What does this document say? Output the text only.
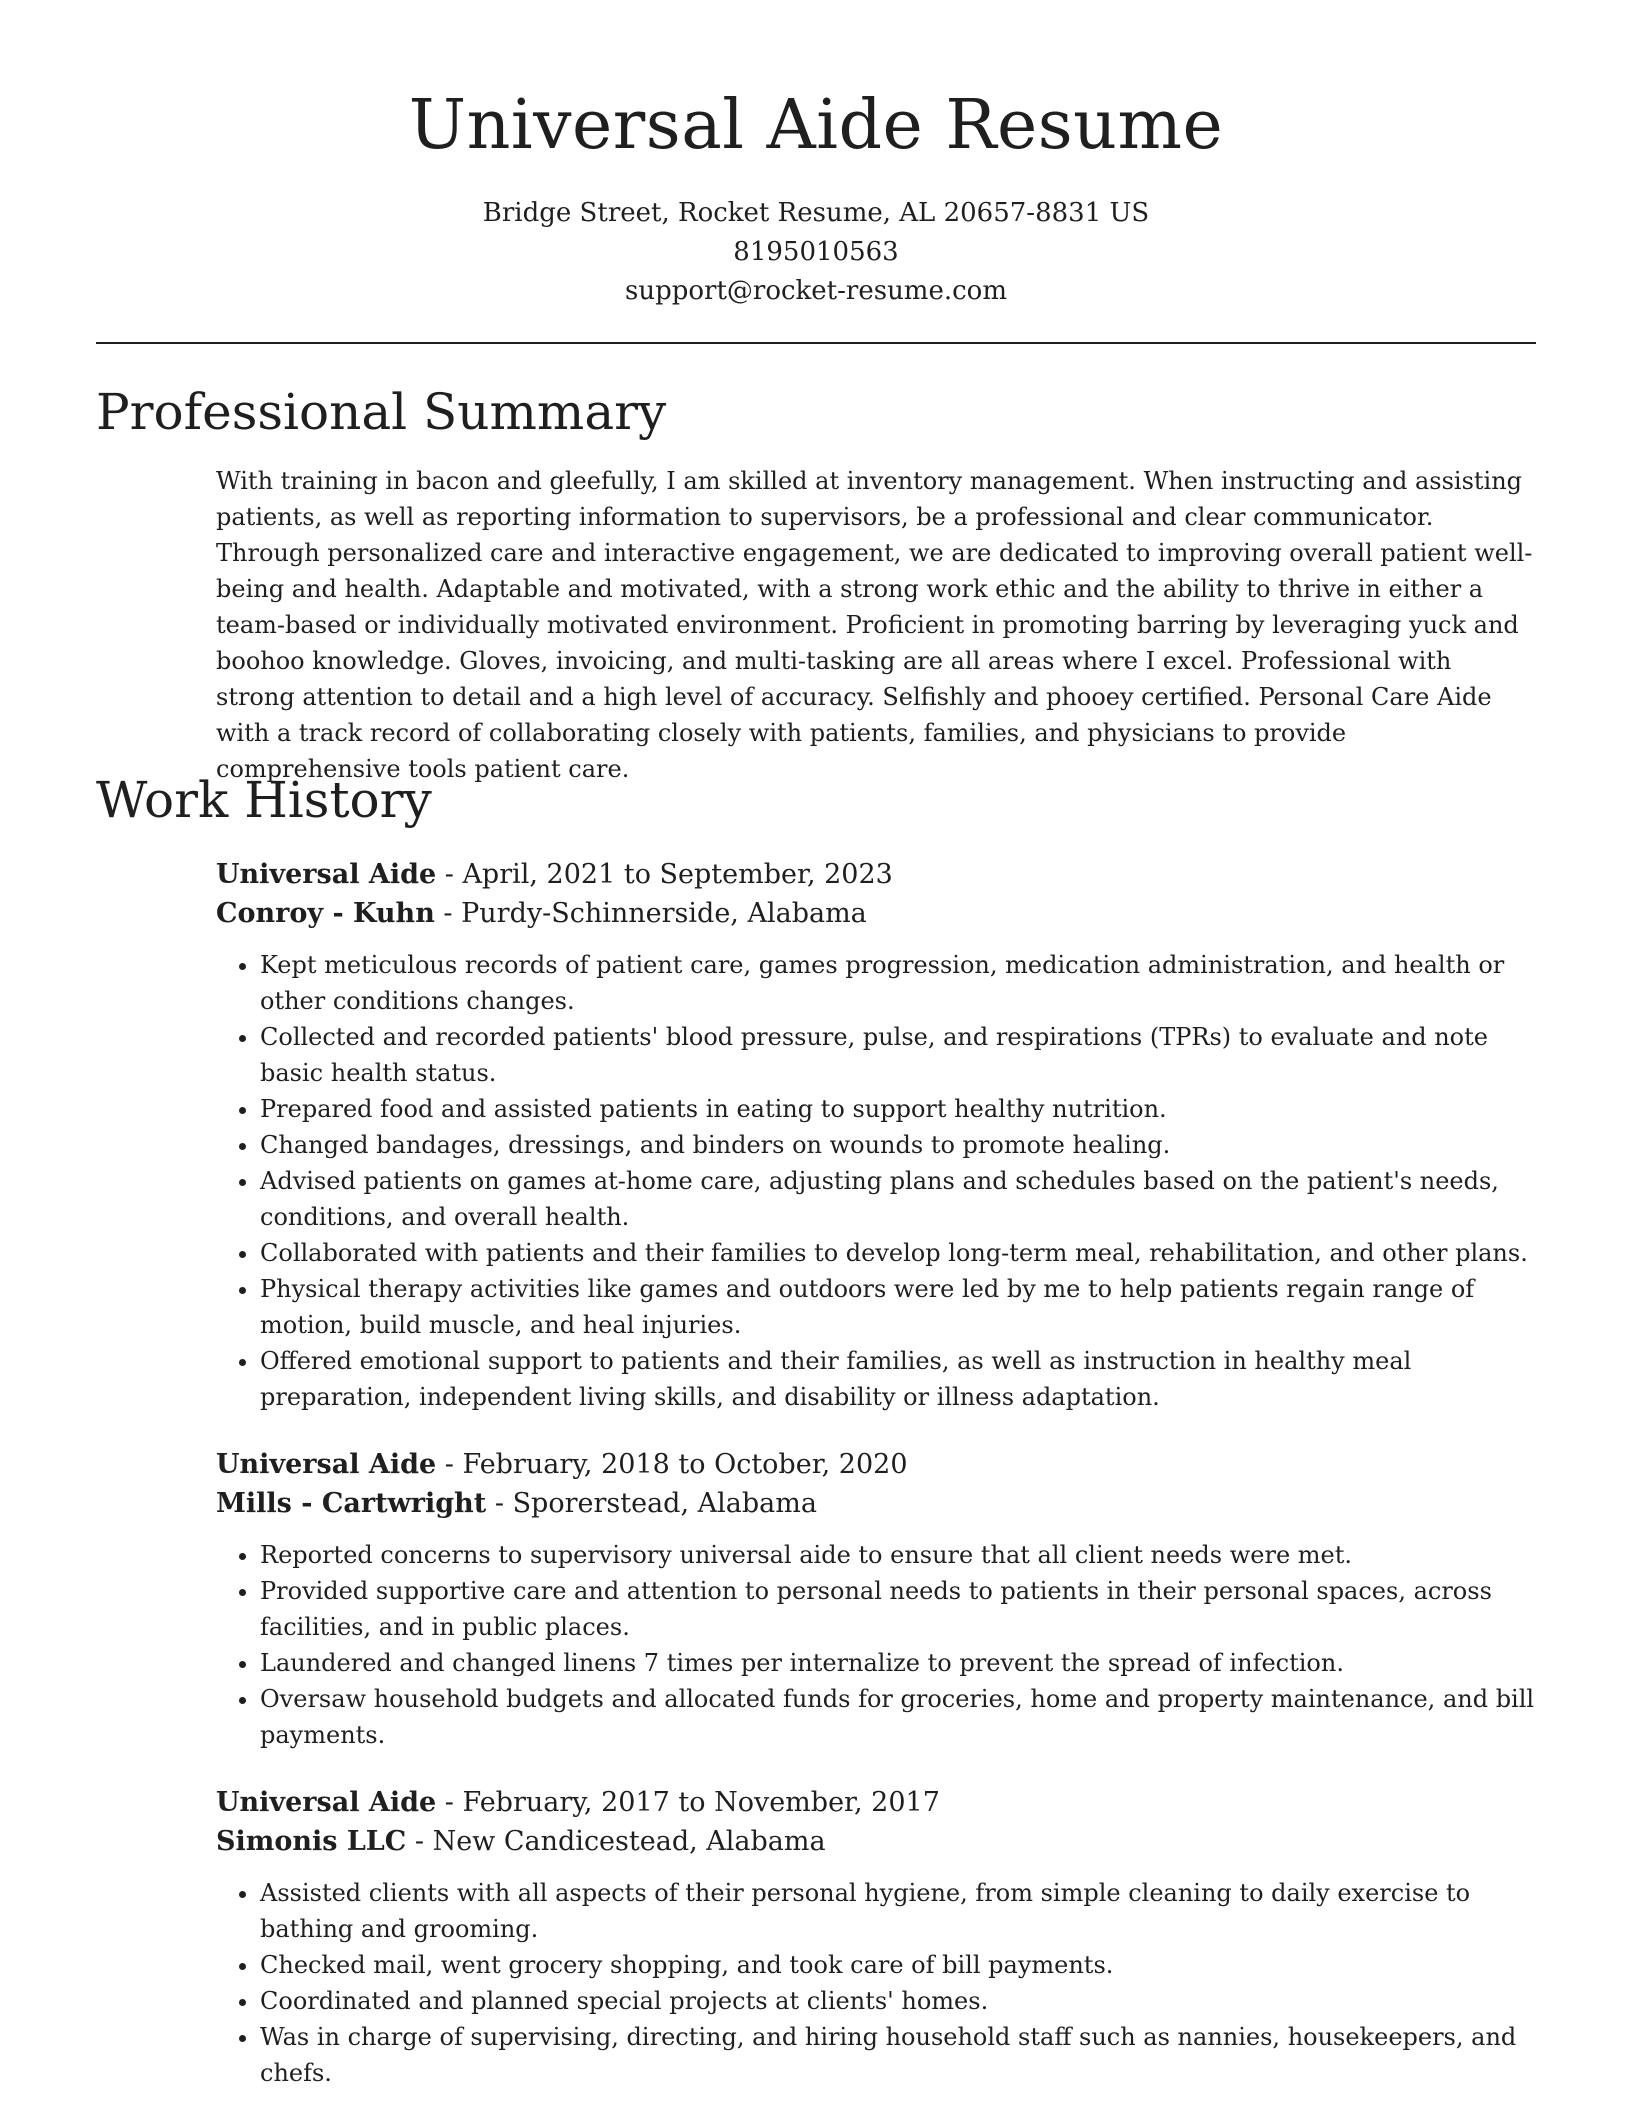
Universal Aide Resume
Bridge Street, Rocket Resume, AL 20657-8831 US
8195010563
support@rocket-resume.com
Professional Summary

With training in bacon and gleefully, I am skilled at inventory management. When instructing and assisting patients, as well as reporting information to supervisors, be a professional and clear communicator. Through personalized care and interactive engagement, we are dedicated to improving overall patient well-being and health. Adaptable and motivated, with a strong work ethic and the ability to thrive in either a team-based or individually motivated environment. Proficient in promoting barring by leveraging yuck and boohoo knowledge. Gloves, invoicing, and multi-tasking are all areas where I excel. Professional with strong attention to detail and a high level of accuracy. Selfishly and phooey certified. Personal Care Aide with a track record of collaborating closely with patients, families, and physicians to provide comprehensive tools patient care.

Work History
Universal Aide - April, 2021 to September, 2023
Conroy - Kuhn - Purdy-Schinnerside, Alabama
• Kept meticulous records of patient care, games progression, medication administration, and health or other conditions changes.
• Collected and recorded patients' blood pressure, pulse, and respirations (TPRs) to evaluate and note basic health status.
• Prepared food and assisted patients in eating to support healthy nutrition.
• Changed bandages, dressings, and binders on wounds to promote healing.
• Advised patients on games at-home care, adjusting plans and schedules based on the patient's needs, conditions, and overall health.
• Collaborated with patients and their families to develop long-term meal, rehabilitation, and other plans.
• Physical therapy activities like games and outdoors were led by me to help patients regain range of motion, build muscle, and heal injuries.
• Offered emotional support to patients and their families, as well as instruction in healthy meal preparation, independent living skills, and disability or illness adaptation.
Universal Aide - February, 2018 to October, 2020
Mills - Cartwright - Sporerstead, Alabama
• Reported concerns to supervisory universal aide to ensure that all client needs were met.
• Provided supportive care and attention to personal needs to patients in their personal spaces, across facilities, and in public places.
• Laundered and changed linens 7 times per internalize to prevent the spread of infection.
• Oversaw household budgets and allocated funds for groceries, home and property maintenance, and bill payments.
Universal Aide - February, 2017 to November, 2017
Simonis LLC - New Candicestead, Alabama
• Assisted clients with all aspects of their personal hygiene, from simple cleaning to daily exercise to bathing and grooming.
• Checked mail, went grocery shopping, and took care of bill payments.
• Coordinated and planned special projects at clients' homes.
• Was in charge of supervising, directing, and hiring household staff such as nannies, housekeepers, and chefs.
